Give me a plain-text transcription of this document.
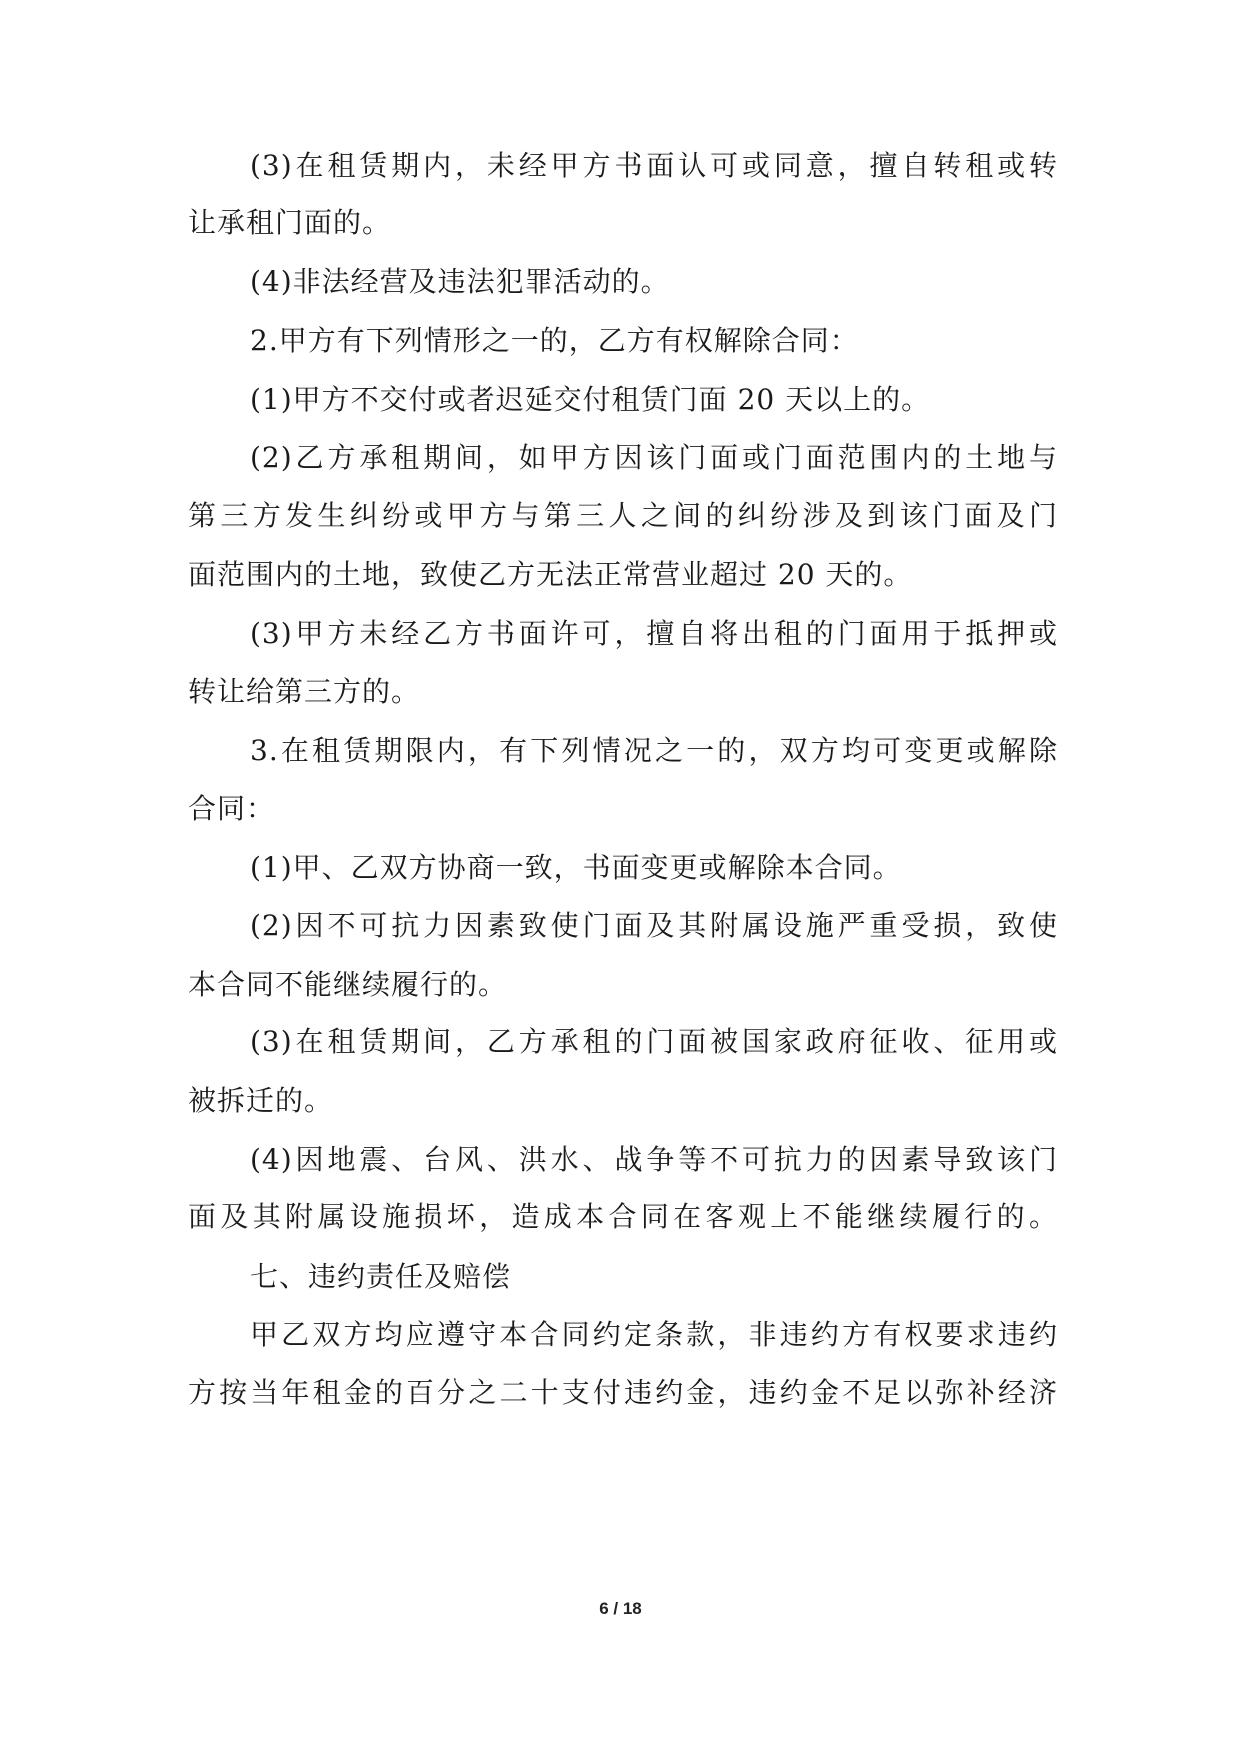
(3)在租赁期内，未经甲方书面认可或同意，擅自转租或转
让承租门面的。
(4)非法经营及违法犯罪活动的。
2.甲方有下列情形之一的，乙方有权解除合同：
(1)甲方不交付或者迟延交付租赁门面 20 天以上的。
(2)乙方承租期间，如甲方因该门面或门面范围内的土地与
第三方发生纠纷或甲方与第三人之间的纠纷涉及到该门面及门
面范围内的土地，致使乙方无法正常营业超过 20 天的。
(3)甲方未经乙方书面许可，擅自将出租的门面用于抵押或
转让给第三方的。
3.在租赁期限内，有下列情况之一的，双方均可变更或解除
合同：
(1)甲、乙双方协商一致，书面变更或解除本合同。
(2)因不可抗力因素致使门面及其附属设施严重受损，致使
本合同不能继续履行的。
(3)在租赁期间，乙方承租的门面被国家政府征收、征用或
被拆迁的。
(4)因地震、台风、洪水、战争等不可抗力的因素导致该门
面及其附属设施损坏，造成本合同在客观上不能继续履行的。
七、违约责任及赔偿
甲乙双方均应遵守本合同约定条款，非违约方有权要求违约
方按当年租金的百分之二十支付违约金，违约金不足以弥补经济
6 / 18
